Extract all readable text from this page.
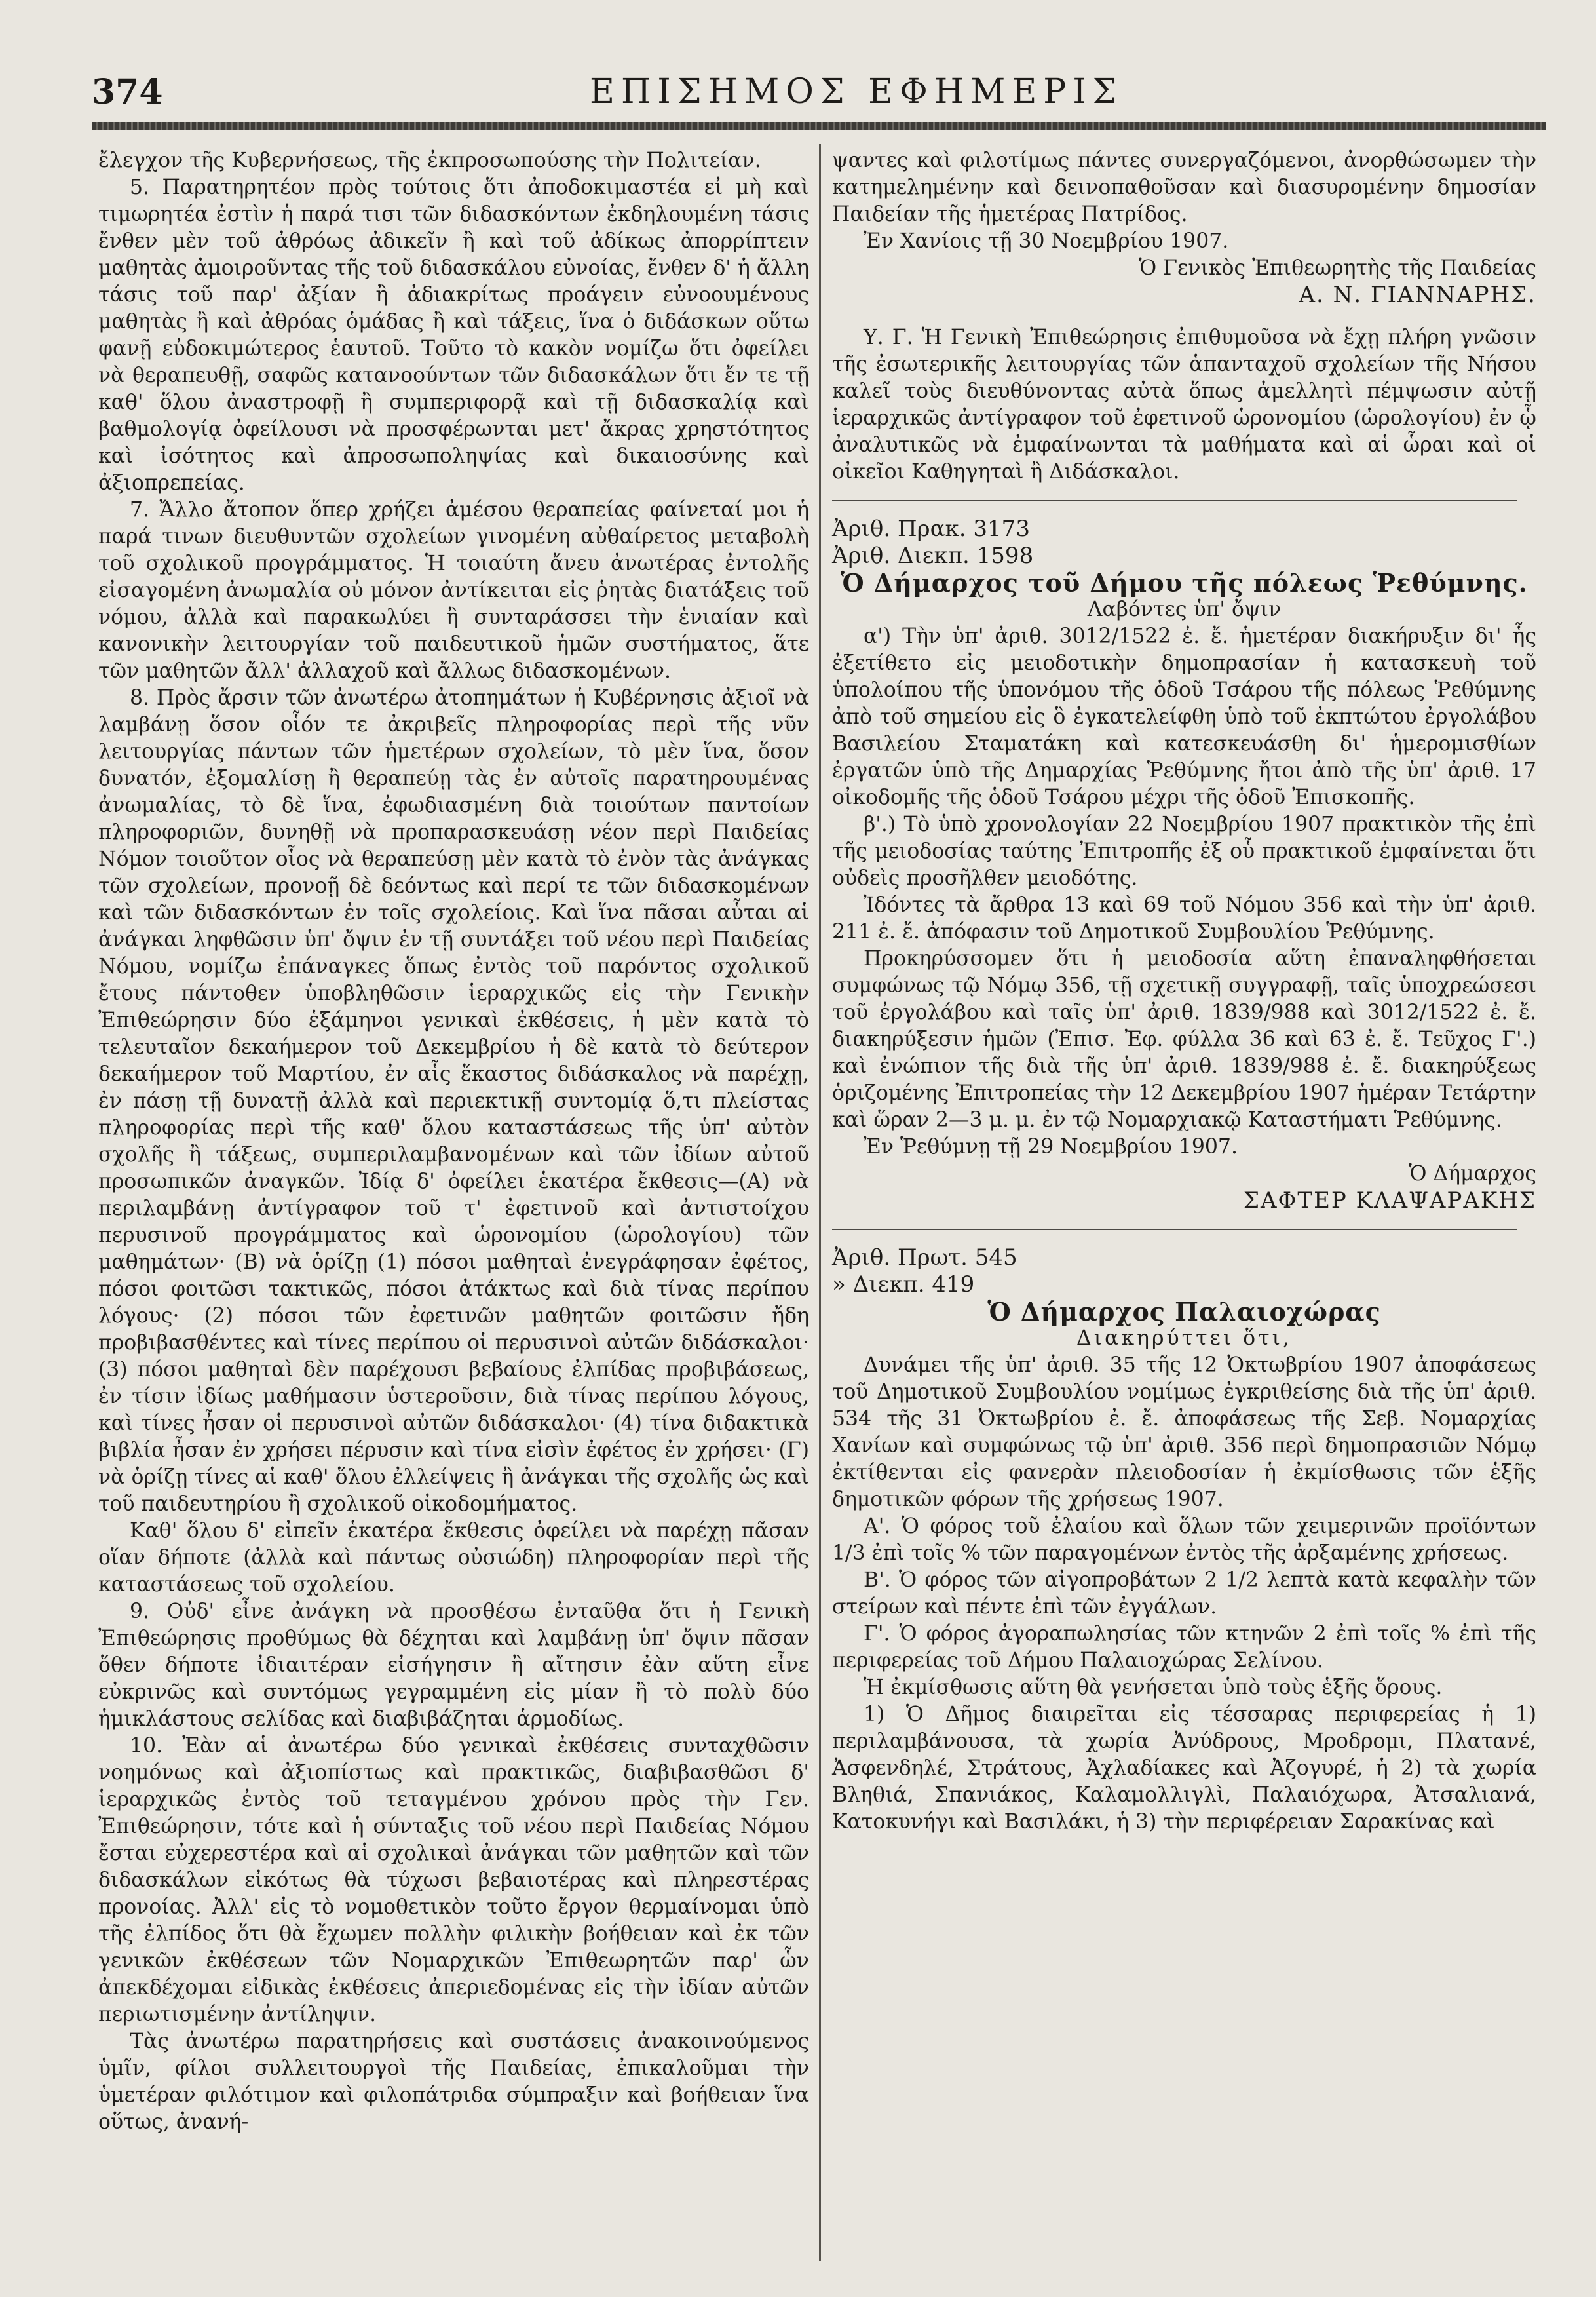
374	ΕΠΙΣΗΜΟΣ ΕΦΗΜΕΡΙΣ

ἔλεγχον τῆς Κυβερνήσεως, τῆς ἐκπροσωπούσης τὴν Πολιτείαν.

5. Παρατηρητέον πρὸς τούτοις ὅτι ἀποδοκιμαστέα εἰ μὴ καὶ τιμωρητέα ἐστὶν ἡ παρά τισι τῶν διδασκόντων ἐκδηλουμένη τάσις ἔνθεν μὲν τοῦ ἀθρόως ἀδικεῖν ἢ καὶ τοῦ ἀδίκως ἀπορρίπτειν μαθητὰς ἀμοιροῦντας τῆς τοῦ διδασκάλου εὐνοίας, ἔνθεν δ' ἡ ἄλλη τάσις τοῦ παρ' ἀξίαν ἢ ἀδιακρίτως προάγειν εὐνοουμένους μαθητὰς ἢ καὶ ἀθρόας ὁμάδας ἢ καὶ τάξεις, ἵνα ὁ διδάσκων οὕτω φανῇ εὐδοκιμώτερος ἑαυτοῦ. Τοῦτο τὸ κακὸν νομίζω ὅτι ὀφείλει νὰ θεραπευθῇ, σαφῶς κατανοούντων τῶν διδασκάλων ὅτι ἔν τε τῇ καθ' ὅλου ἀναστροφῇ ἢ συμπεριφορᾷ καὶ τῇ διδασκαλίᾳ καὶ βαθμολογίᾳ ὀφείλουσι νὰ προσφέρωνται μετ' ἄκρας χρηστότητος καὶ ἰσότητος καὶ ἀπροσωποληψίας καὶ δικαιοσύνης καὶ ἀξιοπρεπείας.

7. Ἄλλο ἄτοπον ὅπερ χρήζει ἀμέσου θεραπείας φαίνεταί μοι ἡ παρά τινων διευθυντῶν σχολείων γινομένη αὐθαίρετος μεταβολὴ τοῦ σχολικοῦ προγράμματος. Ἡ τοιαύτη ἄνευ ἀνωτέρας ἐντολῆς εἰσαγομένη ἀνωμαλία οὐ μόνον ἀντίκειται εἰς ῥητὰς διατάξεις τοῦ νόμου, ἀλλὰ καὶ παρακωλύει ἢ συνταράσσει τὴν ἑνιαίαν καὶ κανονικὴν λειτουργίαν τοῦ παιδευτικοῦ ἡμῶν συστήματος, ἅτε τῶν μαθητῶν ἄλλ' ἀλλαχοῦ καὶ ἄλλως διδασκομένων.

8. Πρὸς ἄρσιν τῶν ἀνωτέρω ἀτοπημάτων ἡ Κυβέρνησις ἀξιοῖ νὰ λαμβάνῃ ὅσον οἷόν τε ἀκριβεῖς πληροφορίας περὶ τῆς νῦν λειτουργίας πάντων τῶν ἡμετέρων σχολείων, τὸ μὲν ἵνα, ὅσον δυνατόν, ἐξομαλίσῃ ἢ θεραπεύῃ τὰς ἐν αὐτοῖς παρατηρουμένας ἀνωμαλίας, τὸ δὲ ἵνα, ἐφωδιασμένη διὰ τοιούτων παντοίων πληροφοριῶν, δυνηθῇ νὰ προπαρασκευάσῃ νέον περὶ Παιδείας Νόμον τοιοῦτον οἷος νὰ θεραπεύσῃ μὲν κατὰ τὸ ἐνὸν τὰς ἀνάγκας τῶν σχολείων, προνοῇ δὲ δεόντως καὶ περί τε τῶν διδασκομένων καὶ τῶν διδασκόντων ἐν τοῖς σχολείοις. Καὶ ἵνα πᾶσαι αὗται αἱ ἀνάγκαι ληφθῶσιν ὑπ' ὄψιν ἐν τῇ συντάξει τοῦ νέου περὶ Παιδείας Νόμου, νομίζω ἐπάναγκες ὅπως ἐντὸς τοῦ παρόντος σχολικοῦ ἔτους πάντοθεν ὑποβληθῶσιν ἱεραρχικῶς εἰς τὴν Γενικὴν Ἐπιθεώρησιν δύο ἑξάμηνοι γενικαὶ ἐκθέσεις, ἡ μὲν κατὰ τὸ τελευταῖον δεκαήμερον τοῦ Δεκεμβρίου ἡ δὲ κατὰ τὸ δεύτερον δεκαήμερον τοῦ Μαρτίου, ἐν αἷς ἕκαστος διδάσκαλος νὰ παρέχῃ, ἐν πάσῃ τῇ δυνατῇ ἀλλὰ καὶ περιεκτικῇ συντομίᾳ ὅ,τι πλείστας πληροφορίας περὶ τῆς καθ' ὅλου καταστάσεως τῆς ὑπ' αὐτὸν σχολῆς ἢ τάξεως, συμπεριλαμβανομένων καὶ τῶν ἰδίων αὐτοῦ προσωπικῶν ἀναγκῶν. Ἰδίᾳ δ' ὀφείλει ἑκατέρα ἔκθεσις—(Α) νὰ περιλαμβάνῃ ἀντίγραφον τοῦ τ' ἐφετινοῦ καὶ ἀντιστοίχου περυσινοῦ προγράμματος καὶ ὡρονομίου (ὡρολογίου) τῶν μαθημάτων· (Β) νὰ ὁρίζῃ (1) πόσοι μαθηταὶ ἐνεγράφησαν ἐφέτος, πόσοι φοιτῶσι τακτικῶς, πόσοι ἀτάκτως καὶ διὰ τίνας περίπου λόγους· (2) πόσοι τῶν ἐφετινῶν μαθητῶν φοιτῶσιν ἤδη προβιβασθέντες καὶ τίνες περίπου οἱ περυσινοὶ αὐτῶν διδάσκαλοι· (3) πόσοι μαθηταὶ δὲν παρέχουσι βεβαίους ἐλπίδας προβιβάσεως, ἐν τίσιν ἰδίως μαθήμασιν ὑστεροῦσιν, διὰ τίνας περίπου λόγους, καὶ τίνες ἦσαν οἱ περυσινοὶ αὐτῶν διδάσκαλοι· (4) τίνα διδακτικὰ βιβλία ἦσαν ἐν χρήσει πέρυσιν καὶ τίνα εἰσὶν ἐφέτος ἐν χρήσει· (Γ) νὰ ὁρίζῃ τίνες αἱ καθ' ὅλου ἐλλείψεις ἢ ἀνάγκαι τῆς σχολῆς ὡς καὶ τοῦ παιδευτηρίου ἢ σχολικοῦ οἰκοδομήματος.

Καθ' ὅλου δ' εἰπεῖν ἑκατέρα ἔκθεσις ὀφείλει νὰ παρέχῃ πᾶσαν οἵαν δήποτε (ἀλλὰ καὶ πάντως οὐσιώδη) πληροφορίαν περὶ τῆς καταστάσεως τοῦ σχολείου.

9. Οὐδ' εἶνε ἀνάγκη νὰ προσθέσω ἐνταῦθα ὅτι ἡ Γενικὴ Ἐπιθεώρησις προθύμως θὰ δέχηται καὶ λαμβάνῃ ὑπ' ὄψιν πᾶσαν ὅθεν δήποτε ἰδιαιτέραν εἰσήγησιν ἢ αἴτησιν ἐὰν αὕτη εἶνε εὐκρινῶς καὶ συντόμως γεγραμμένη εἰς μίαν ἢ τὸ πολὺ δύο ἡμικλάστους σελίδας καὶ διαβιβάζηται ἁρμοδίως.

10. Ἐὰν αἱ ἀνωτέρω δύο γενικαὶ ἐκθέσεις συνταχθῶσιν νοημόνως καὶ ἀξιοπίστως καὶ πρακτικῶς, διαβιβασθῶσι δ' ἱεραρχικῶς ἐντὸς τοῦ τεταγμένου χρόνου πρὸς τὴν Γεν. Ἐπιθεώρησιν, τότε καὶ ἡ σύνταξις τοῦ νέου περὶ Παιδείας Νόμου ἔσται εὐχερεστέρα καὶ αἱ σχολικαὶ ἀνάγκαι τῶν μαθητῶν καὶ τῶν διδασκάλων εἰκότως θὰ τύχωσι βεβαιοτέρας καὶ πληρεστέρας προνοίας. Ἀλλ' εἰς τὸ νομοθετικὸν τοῦτο ἔργον θερμαίνομαι ὑπὸ τῆς ἐλπίδος ὅτι θὰ ἔχωμεν πολλὴν φιλικὴν βοήθειαν καὶ ἐκ τῶν γενικῶν ἐκθέσεων τῶν Νομαρχικῶν Ἐπιθεωρητῶν παρ' ὧν ἀπεκδέχομαι εἰδικὰς ἐκθέσεις ἀπεριεδομένας εἰς τὴν ἰδίαν αὐτῶν περιωτισμένην ἀντίληψιν.

Τὰς ἀνωτέρω παρατηρήσεις καὶ συστάσεις ἀνακοινούμενος ὑμῖν, φίλοι συλλειτουργοὶ τῆς Παιδείας, ἐπικαλοῦμαι τὴν ὑμετέραν φιλότιμον καὶ φιλοπάτριδα σύμπραξιν καὶ βοήθειαν ἵνα οὕτως, ἀνανή-

ψαντες καὶ φιλοτίμως πάντες συνεργαζόμενοι, ἀνορθώσωμεν τὴν κατημελημένην καὶ δεινοπαθοῦσαν καὶ διασυρομένην δημοσίαν Παιδείαν τῆς ἡμετέρας Πατρίδος.

Ἐν Χανίοις τῇ 30 Νοεμβρίου 1907.

Ὁ Γενικὸς Ἐπιθεωρητὴς τῆς Παιδείας

Α. Ν. ΓΙΑΝΝΑΡΗΣ.

Υ. Γ. Ἡ Γενικὴ Ἐπιθεώρησις ἐπιθυμοῦσα νὰ ἔχῃ πλήρη γνῶσιν τῆς ἐσωτερικῆς λειτουργίας τῶν ἁπανταχοῦ σχολείων τῆς Νήσου καλεῖ τοὺς διευθύνοντας αὐτὰ ὅπως ἀμελλητὶ πέμψωσιν αὐτῇ ἱεραρχικῶς ἀντίγραφον τοῦ ἐφετινοῦ ὡρονομίου (ὡρολογίου) ἐν ᾧ ἀναλυτικῶς νὰ ἐμφαίνωνται τὰ μαθήματα καὶ αἱ ὧραι καὶ οἱ οἰκεῖοι Καθηγηταὶ ἢ Διδάσκαλοι.

Ἀριθ. Πρακ. 3173

Ἀριθ. Διεκπ. 1598

Ὁ Δήμαρχος τοῦ Δήμου τῆς πόλεως Ῥεθύμνης.

Λαβόντες ὑπ' ὄψιν

α') Τὴν ὑπ' ἀριθ. 3012/1522 ἐ. ἔ. ἡμετέραν διακήρυξιν δι' ἧς ἐξετίθετο εἰς μειοδοτικὴν δημοπρασίαν ἡ κατασκευὴ τοῦ ὑπολοίπου τῆς ὑπονόμου τῆς ὁδοῦ Τσάρου τῆς πόλεως Ῥεθύμνης ἀπὸ τοῦ σημείου εἰς ὃ ἐγκατελείφθη ὑπὸ τοῦ ἐκπτώτου ἐργολάβου Βασιλείου Σταματάκη καὶ κατεσκευάσθη δι' ἡμερομισθίων ἐργατῶν ὑπὸ τῆς Δημαρχίας Ῥεθύμνης ἤτοι ἀπὸ τῆς ὑπ' ἀριθ. 17 οἰκοδομῆς τῆς ὁδοῦ Τσάρου μέχρι τῆς ὁδοῦ Ἐπισκοπῆς.

β'.) Τὸ ὑπὸ χρονολογίαν 22 Νοεμβρίου 1907 πρακτικὸν τῆς ἐπὶ τῆς μειοδοσίας ταύτης Ἐπιτροπῆς ἐξ οὗ πρακτικοῦ ἐμφαίνεται ὅτι οὐδεὶς προσῆλθεν μειοδότης.

Ἰδόντες τὰ ἄρθρα 13 καὶ 69 τοῦ Νόμου 356 καὶ τὴν ὑπ' ἀριθ. 211 ἐ. ἔ. ἀπόφασιν τοῦ Δημοτικοῦ Συμβουλίου Ῥεθύμνης.

Προκηρύσσομεν ὅτι ἡ μειοδοσία αὕτη ἐπαναληφθήσεται συμφώνως τῷ Νόμῳ 356, τῇ σχετικῇ συγγραφῇ, ταῖς ὑποχρεώσεσι τοῦ ἐργολάβου καὶ ταῖς ὑπ' ἀριθ. 1839/988 καὶ 3012/1522 ἐ. ἔ. διακηρύξεσιν ἡμῶν (Ἐπισ. Ἐφ. φύλλα 36 καὶ 63 ἐ. ἔ. Τεῦχος Γ'.) καὶ ἐνώπιον τῆς διὰ τῆς ὑπ' ἀριθ. 1839/988 ἐ. ἔ. διακηρύξεως ὁριζομένης Ἐπιτροπείας τὴν 12 Δεκεμβρίου 1907 ἡμέραν Τετάρτην καὶ ὥραν 2—3 μ. μ. ἐν τῷ Νομαρχιακῷ Καταστήματι Ῥεθύμνης.

Ἐν Ῥεθύμνῃ τῇ 29 Νοεμβρίου 1907.

Ὁ Δήμαρχος

ΣΑΦΤΕΡ ΚΛΑΨΑΡΑΚΗΣ

Ἀριθ. Πρωτ. 545

» Διεκπ. 419

Ὁ Δήμαρχος Παλαιοχώρας

Διακηρύττει ὅτι,

Δυνάμει τῆς ὑπ' ἀριθ. 35 τῆς 12 Ὀκτωβρίου 1907 ἀποφάσεως τοῦ Δημοτικοῦ Συμβουλίου νομίμως ἐγκριθείσης διὰ τῆς ὑπ' ἀριθ. 534 τῆς 31 Ὀκτωβρίου ἐ. ἔ. ἀποφάσεως τῆς Σεβ. Νομαρχίας Χανίων καὶ συμφώνως τῷ ὑπ' ἀριθ. 356 περὶ δημοπρασιῶν Νόμῳ ἐκτίθενται εἰς φανερὰν πλειοδοσίαν ἡ ἐκμίσθωσις τῶν ἑξῆς δημοτικῶν φόρων τῆς χρήσεως 1907.

Α'. Ὁ φόρος τοῦ ἐλαίου καὶ ὅλων τῶν χειμερινῶν προϊόντων 1/3 ἐπὶ τοῖς % τῶν παραγομένων ἐντὸς τῆς ἀρξαμένης χρήσεως.

Β'. Ὁ φόρος τῶν αἰγοπροβάτων 2 1/2 λεπτὰ κατὰ κεφαλὴν τῶν στείρων καὶ πέντε ἐπὶ τῶν ἐγγάλων.

Γ'. Ὁ φόρος ἀγοραπωλησίας τῶν κτηνῶν 2 ἐπὶ τοῖς % ἐπὶ τῆς περιφερείας τοῦ Δήμου Παλαιοχώρας Σελίνου.

Ἡ ἐκμίσθωσις αὕτη θὰ γενήσεται ὑπὸ τοὺς ἑξῆς ὅρους.

1) Ὁ Δῆμος διαιρεῖται εἰς τέσσαρας περιφερείας ἡ 1) περιλαμβάνουσα, τὰ χωρία Ἀνύδρους, Μροδρομι, Πλατανέ, Ἀσφενδηλέ, Στράτους, Ἀχλαδίακες καὶ Ἀζογυρέ, ἡ 2) τὰ χωρία Βληθιά, Σπανιάκος, Καλαμολλιγλὶ, Παλαιόχωρα, Ἀτσαλιανά, Κατοκυνήγι καὶ Βασιλάκι, ἡ 3) τὴν περιφέρειαν Σαρακίνας καὶ
